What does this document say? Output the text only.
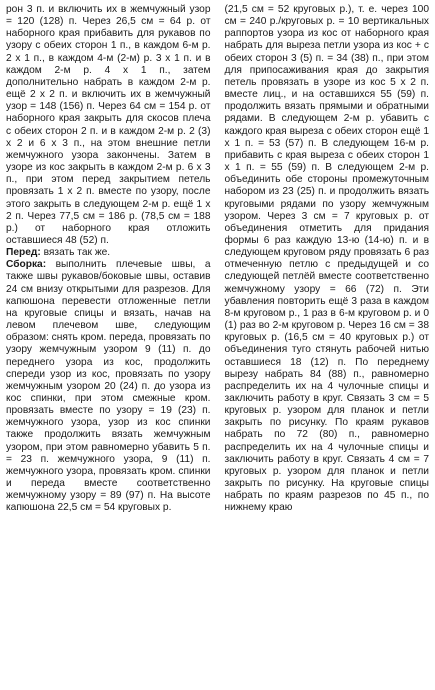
рон 3 п. и включить их в жемчужный узор = 120 (128) п. Через 26,5 см = 64 р. от наборного края прибавить для рукавов по узору с обеих сторон 1 п., в каждом 6-м р. 2 х 1 п., в каждом 4-м (2-м) р. 3 х 1 п. и в каждом 2-м р. 4 х 1 п., затем дополнительно набрать в каждом 2-м р. ещё 2 х 2 п. и включить их в жемчужный узор = 148 (156) п. Через 64 см = 154 р. от наборного края закрыть для скосов плеча с обеих сторон 2 п. и в каждом 2-м р. 2 (3) х 2 и 6 х 3 п., на этом внешние петли жемчужного узора закончены. Затем в узоре из кос закрыть в каждом 2-м р. 6 х 3 п., при этом перед закрытием петель провязать 1 х 2 п. вместе по узору, после этого закрыть в следующем 2-м р. ещё 1 х 2 п. Через 77,5 см = 186 р. (78,5 см = 188 р.) от наборного края отложить оставшиеся 48 (52) п.

Перед: вязать так же.

Сборка: выполнить плечевые швы, а также швы рукавов/боковые швы, оставив 24 см внизу открытыми для разрезов. Для капюшона перевести отложенные петли на круговые спицы и вязать, начав на левом плечевом шве, следующим образом: снять кром. переда, провязать по узору жемчужным узором 9 (11) п. до переднего узора из кос, продолжить спереди узор из кос, провязать по узору жемчужным узором 20 (24) п. до узора из кос спинки, при этом смежные кром. провязать вместе по узору = 19 (23) п. жемчужного узора, узор из кос спинки также продолжить вязать жемчужным узором, при этом равномерно убавить 5 п. = 23 п. жемчужного узора, 9 (11) п. жемчужного узора, провязать кром. спинки и переда вместе соответственно жемчужному узору = 89 (97) п. На высоте капюшона 22,5 см = 54 круговых р.

(21,5 см = 52 круговых р.), т. е. через 100 см = 240 р./круговых р. = 10 вертикальных раппортов узора из кос от наборного края набрать для выреза петли узора из кос + с обеих сторон 3 (5) п. = 34 (38) п., при этом для припосаживания края до закрытия петель провязать в узоре из кос 5 х 2 п. вместе лиц., и на оставшихся 55 (59) п. продолжить вязать прямыми и обратными рядами. В следующем 2-м р. убавить с каждого края выреза с обеих сторон ещё 1 х 1 п. = 53 (57) п. В следующем 16-м р. прибавить с края выреза с обеих сторон 1 х 1 п. = 55 (59) п. В следующем 2-м р. объединить обе стороны промежуточным набором из 23 (25) п. и продолжить вязать круговыми рядами по узору жемчужным узором. Через 3 см = 7 круговых р. от объединения отметить для придания формы 6 раз каждую 13-ю (14-ю) п. и в следующем круговом ряду провязать 6 раз отмеченную петлю с предыдущей и со следующей петлёй вместе соответственно жемчужному узору = 66 (72) п. Эти убавления повторить ещё 3 раза в каждом 8-м круговом р., 1 раз в 6-м круговом р. и 0 (1) раз во 2-м круговом р. Через 16 см = 38 круговых р. (16,5 см = 40 круговых р.) от объединения туго стянуть рабочей нитью оставшиеся 18 (12) п. По переднему вырезу набрать 84 (88) п., равномерно распределить их на 4 чулочные спицы и заключить работу в круг. Связать 3 см = 5 круговых р. узором для планок и петли закрыть по рисунку. По краям рукавов набрать по 72 (80) п., равномерно распределить их на 4 чулочные спицы и заключить работу в круг. Связать 4 см = 7 круговых р. узором для планок и петли закрыть по рисунку. На круговые спицы набрать по краям разрезов по 45 п., по нижнему краю
